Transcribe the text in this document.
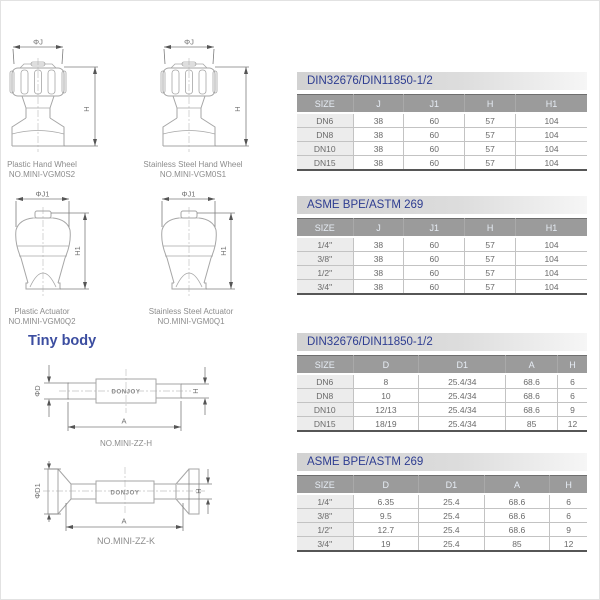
Plastic Hand Wheel
NO.MINI-VGM0S2
Stainless Steel Hand Wheel
NO.MINI-VGM0S1
Plastic Actuator
NO.MINI-VGM0Q2
Stainless Steel Actuator
NO.MINI-VGM0Q1
Tiny body
DONJOY
ΦD	H
A
NO.MINI-ZZ-H
DONJOY
ΦD1	H
A
NO.MINI-ZZ-K
DIN32676/DIN11850-1/2
SIZE	J	J1	H	H1
DN6	38	60	57	104
DN8	38	60	57	104
DN10	38	60	57	104
DN15	38	60	57	104
ASME BPE/ASTM 269
SIZE	J	J1	H	H1
1/4"	38	60	57	104
3/8"	38	60	57	104
1/2"	38	60	57	104
3/4"	38	60	57	104
DIN32676/DIN11850-1/2
SIZE	D	D1	A	H
DN6	8	25.4/34	68.6	6
DN8	10	25.4/34	68.6	6
DN10	12/13	25.4/34	68.6	9
DN15	18/19	25.4/34	85	12
ASME BPE/ASTM 269
SIZE	D	D1	A	H
1/4"	6.35	25.4	68.6	6
3/8"	9.5	25.4	68.6	6
1/2"	12.7	25.4	68.6	9
3/4"	19	25.4	85	12
